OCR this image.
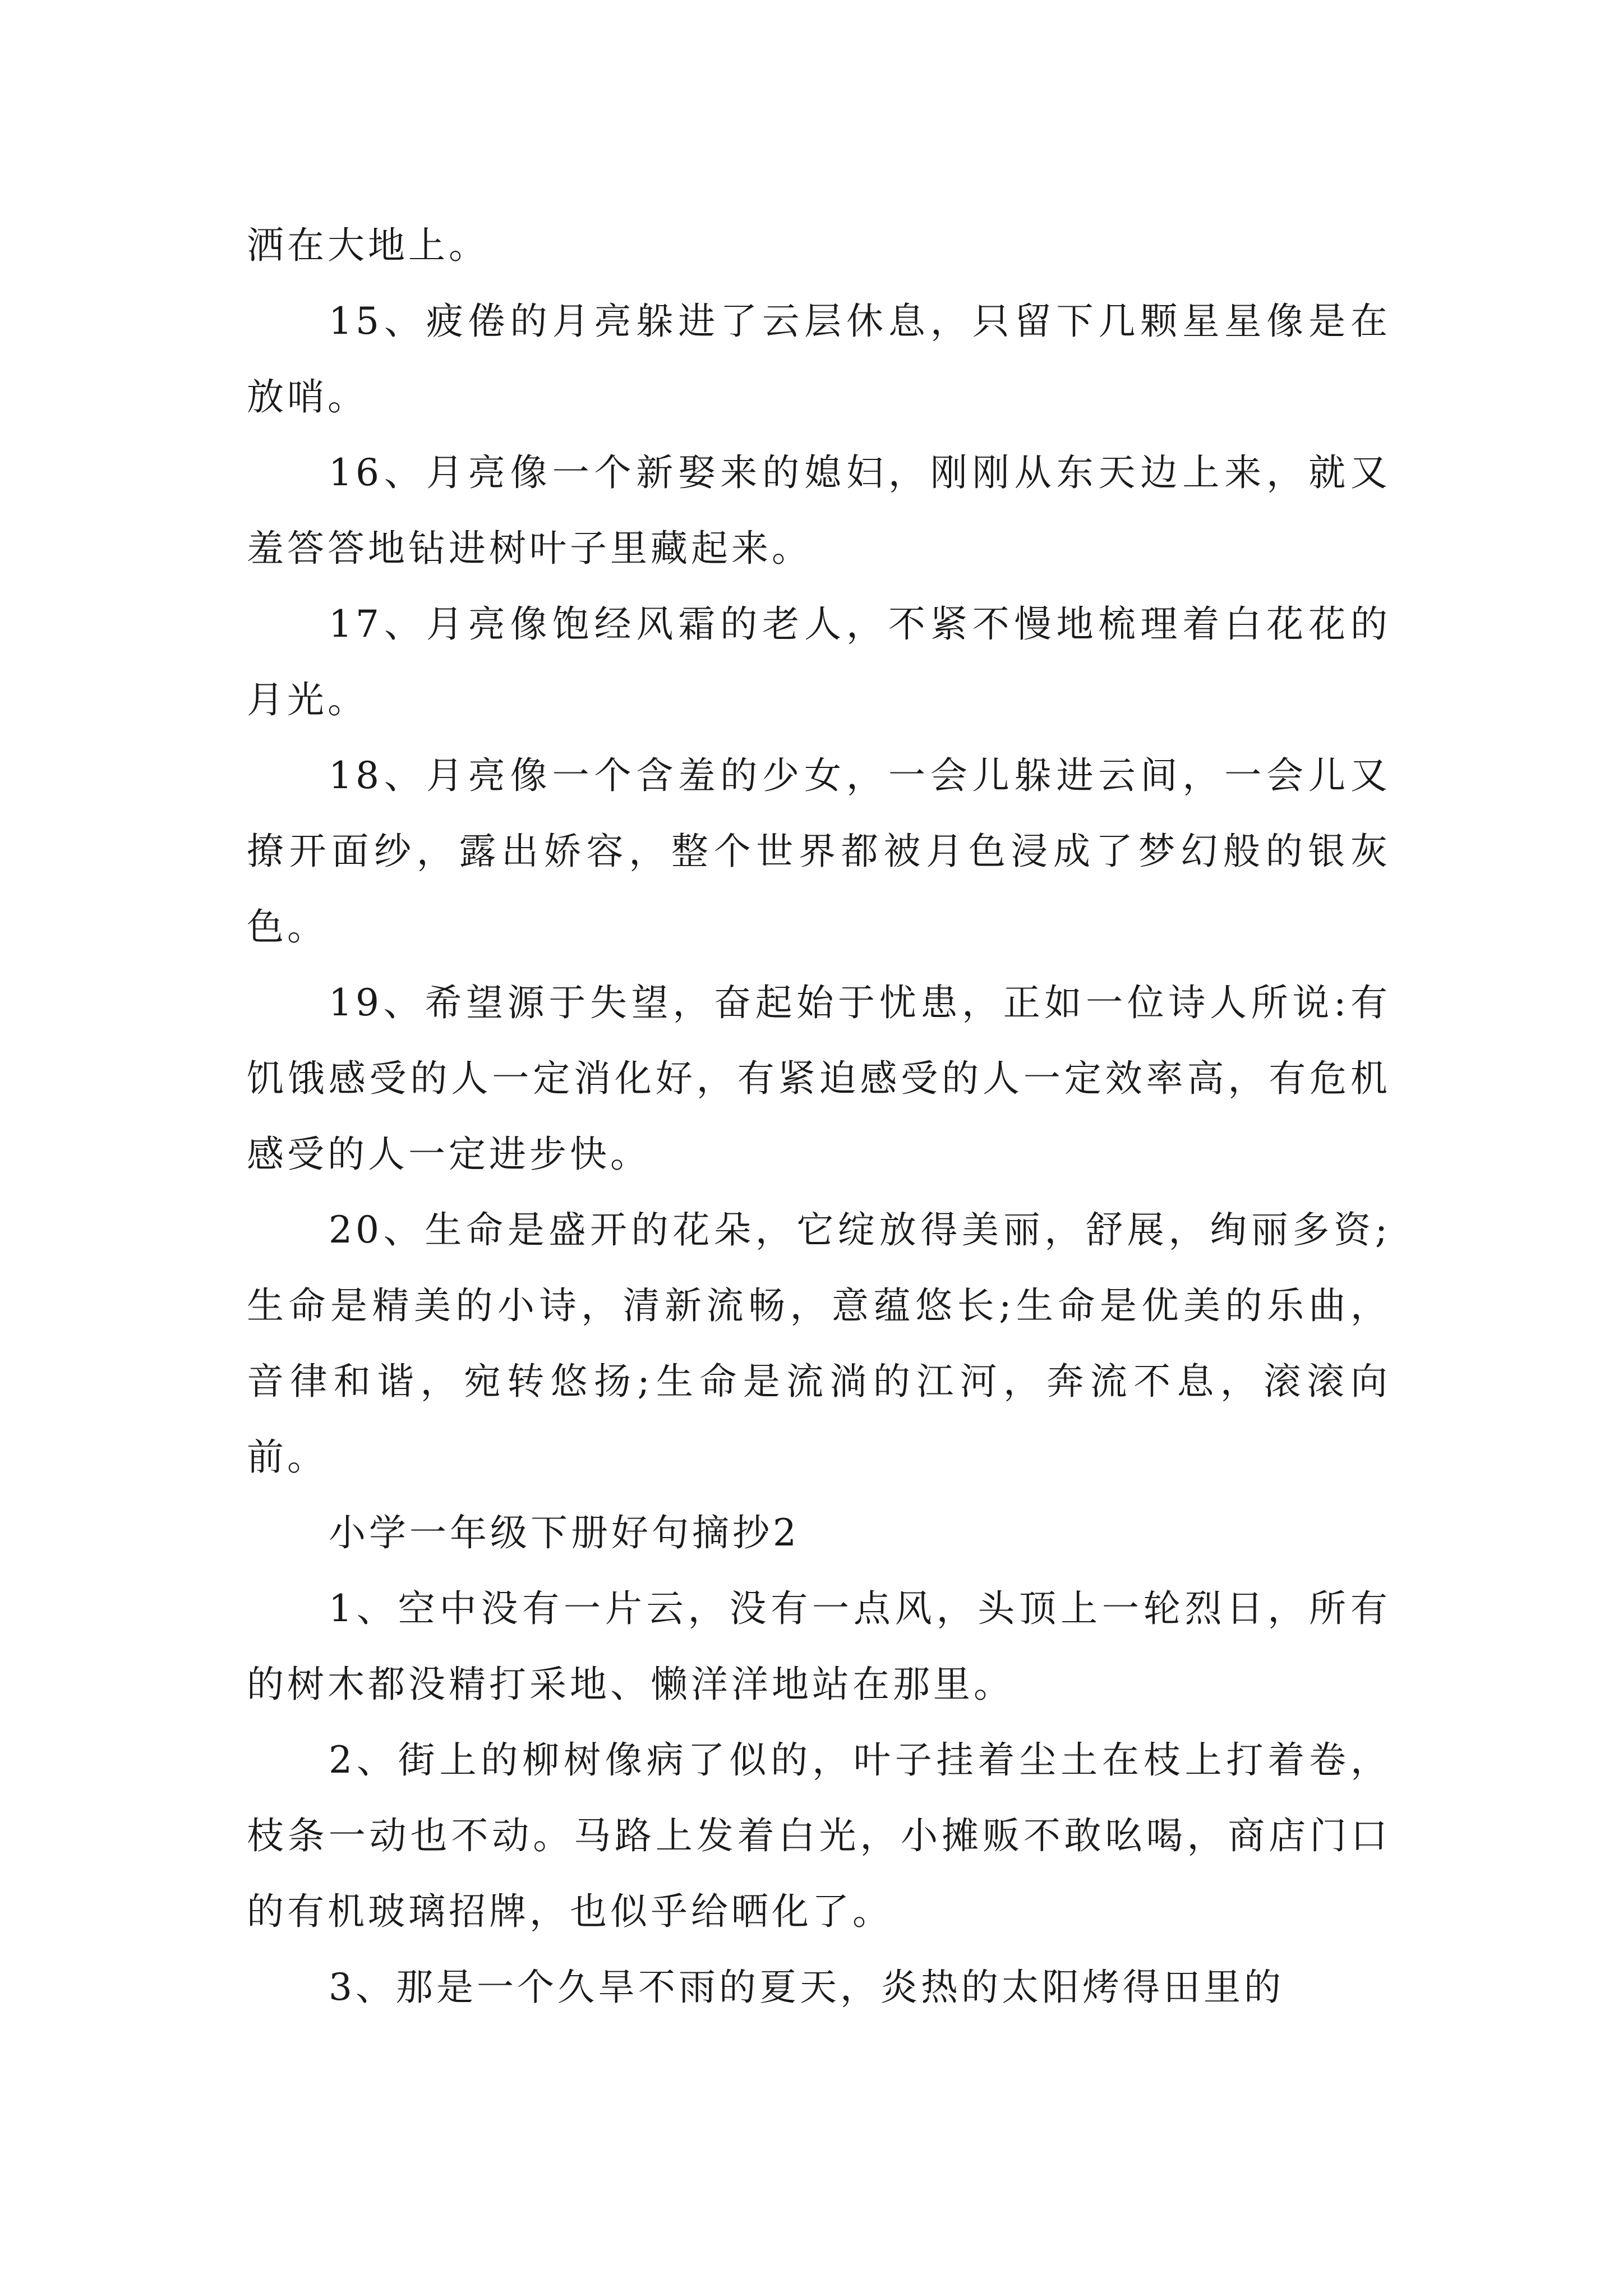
洒在大地上。

15、疲倦的月亮躲进了云层休息，只留下几颗星星像是在放哨。

16、月亮像一个新娶来的媳妇，刚刚从东天边上来，就又羞答答地钻进树叶子里藏起来。

17、月亮像饱经风霜的老人，不紧不慢地梳理着白花花的月光。

18、月亮像一个含羞的少女，一会儿躲进云间，一会儿又撩开面纱，露出娇容，整个世界都被月色浸成了梦幻般的银灰色。

19、希望源于失望，奋起始于忧患，正如一位诗人所说:有饥饿感受的人一定消化好，有紧迫感受的人一定效率高，有危机感受的人一定进步快。

20、生命是盛开的花朵，它绽放得美丽，舒展，绚丽多资;生命是精美的小诗，清新流畅，意蕴悠长;生命是优美的乐曲，音律和谐，宛转悠扬;生命是流淌的江河，奔流不息，滚滚向前。

小学一年级下册好句摘抄2

1、空中没有一片云，没有一点风，头顶上一轮烈日，所有的树木都没精打采地、懒洋洋地站在那里。

2、街上的柳树像病了似的，叶子挂着尘土在枝上打着卷，枝条一动也不动。马路上发着白光，小摊贩不敢吆喝，商店门口的有机玻璃招牌，也似乎给晒化了。

3、那是一个久旱不雨的夏天，炎热的太阳烤得田里的
